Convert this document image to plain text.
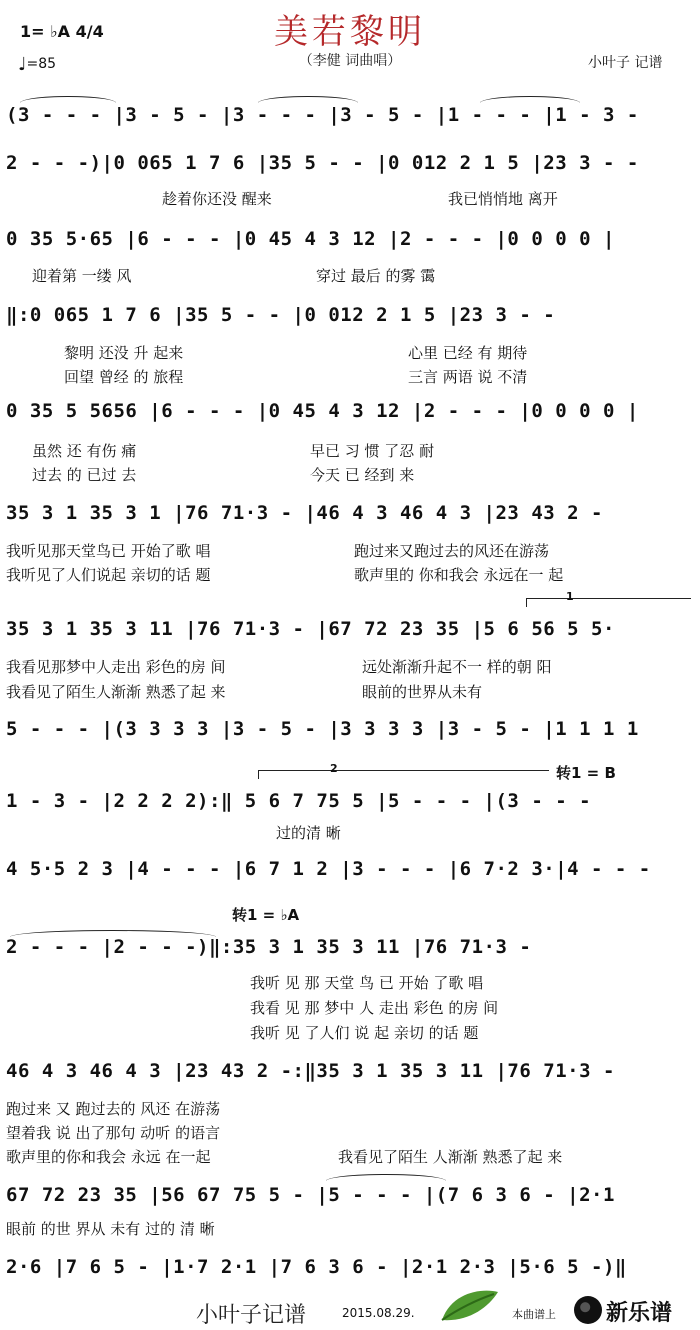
美若黎明
（李健 词曲唱）
1= ♭A 4/4
♩=85	小叶子 记谱
(3 - - - |3 - 5 - |3 - - - |3 - 5 - |1 - - - |1 - 3 -
2 - - -)|0 065 1 7 6 |35 5 - - |0 012 2 1 5 |23 3 - -
趁着你还没 醒来	我已悄悄地 离开
0 35 5·65 |6 - - - |0 45 4 3 12 |2 - - - |0 0 0 0 |
迎着第 一缕 风	穿过 最后 的雾 霭
‖:0 065 1 7 6 |35 5 - - |0 012 2 1 5 |23 3 - -
黎明 还没 升 起来	心里 已经 有 期待
回望 曾经 的 旅程	三言 两语 说 不清
0 35 5 5656 |6 - - - |0 45 4 3 12 |2 - - - |0 0 0 0 |
虽然 还 有伤 痛	早已 习 惯 了忍 耐
过去 的 已过 去	今天 已 经到 来
35 3 1 35 3 1 |76 71·3 - |46 4 3 46 4 3 |23 43 2 -
我听见那天堂鸟已 开始了歌 唱	跑过来又跑过去的风还在游荡
我听见了人们说起 亲切的话 题	歌声里的 你和我会 永远在一 起
1
35 3 1 35 3 11 |76 71·3 - |67 72 23 35 |5 6 56 5 5·
我看见那梦中人走出 彩色的房 间	远处渐渐升起不一 样的朝 阳
我看见了陌生人渐渐 熟悉了起 来	眼前的世界从未有
5 - - - |(3 3 3 3 |3 - 5 - |3 3 3 3 |3 - 5 - |1 1 1 1
2	转1 = B
1 - 3 - |2 2 2 2):‖ 5 6 7 75 5 |5 - - - |(3 - - -
过的清 晰
4 5·5 2 3 |4 - - - |6 7 1 2 |3 - - - |6 7·2 3·|4 - - -
转1 = ♭A
2 - - - |2 - - -)‖:35 3 1 35 3 11 |76 71·3 -
我听 见 那 天堂 鸟 已 开始 了歌 唱
我看 见 那 梦中 人 走出 彩色 的房 间
我听 见 了人们 说 起 亲切 的话 题
46 4 3 46 4 3 |23 43 2 -:‖35 3 1 35 3 11 |76 71·3 -
跑过来 又 跑过去的 风还 在游荡
望着我 说 出了那句 动听 的语言
歌声里的你和我会 永远 在一起	我看见了陌生 人渐渐 熟悉了起 来
67 72 23 35 |56 67 75 5 - |5 - - - |(7 6 3 6 - |2·1
眼前 的世 界从 未有 过的 清 晰
2·6 |7 6 5 - |1·7 2·1 |7 6 3 6 - |2·1 2·3 |5·6 5 -)‖
小叶子记谱	2015.08.29.	本曲谱上 新乐谱
